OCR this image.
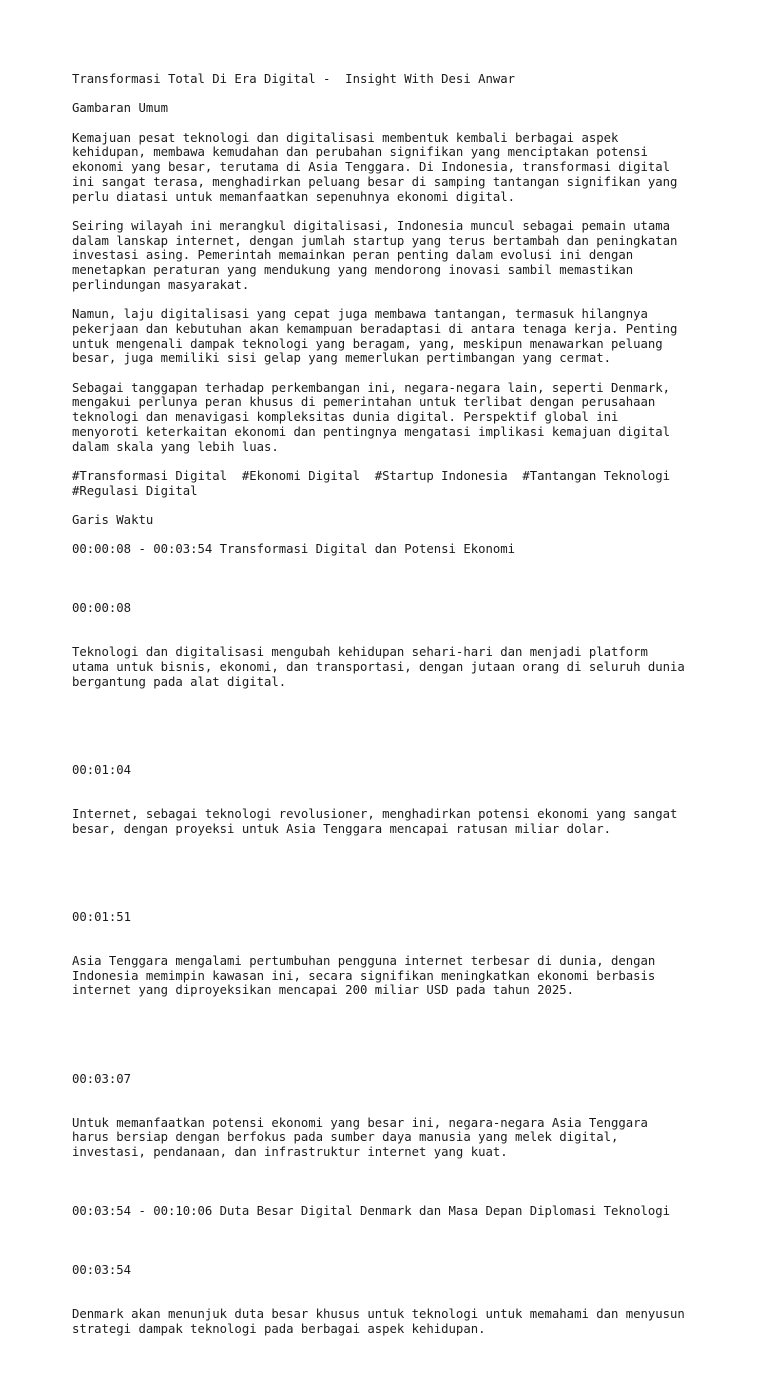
Transformasi Total Di Era Digital -  Insight With Desi Anwar
Gambaran Umum
Kemajuan pesat teknologi dan digitalisasi membentuk kembali berbagai aspek
kehidupan, membawa kemudahan dan perubahan signifikan yang menciptakan potensi
ekonomi yang besar, terutama di Asia Tenggara. Di Indonesia, transformasi digital
ini sangat terasa, menghadirkan peluang besar di samping tantangan signifikan yang
perlu diatasi untuk memanfaatkan sepenuhnya ekonomi digital.
Seiring wilayah ini merangkul digitalisasi, Indonesia muncul sebagai pemain utama
dalam lanskap internet, dengan jumlah startup yang terus bertambah dan peningkatan
investasi asing. Pemerintah memainkan peran penting dalam evolusi ini dengan
menetapkan peraturan yang mendukung yang mendorong inovasi sambil memastikan
perlindungan masyarakat.
Namun, laju digitalisasi yang cepat juga membawa tantangan, termasuk hilangnya
pekerjaan dan kebutuhan akan kemampuan beradaptasi di antara tenaga kerja. Penting
untuk mengenali dampak teknologi yang beragam, yang, meskipun menawarkan peluang
besar, juga memiliki sisi gelap yang memerlukan pertimbangan yang cermat.
Sebagai tanggapan terhadap perkembangan ini, negara-negara lain, seperti Denmark,
mengakui perlunya peran khusus di pemerintahan untuk terlibat dengan perusahaan
teknologi dan menavigasi kompleksitas dunia digital. Perspektif global ini
menyoroti keterkaitan ekonomi dan pentingnya mengatasi implikasi kemajuan digital
dalam skala yang lebih luas.
#Transformasi Digital  #Ekonomi Digital  #Startup Indonesia  #Tantangan Teknologi
#Regulasi Digital
Garis Waktu
00:00:08 - 00:03:54 Transformasi Digital dan Potensi Ekonomi

00:00:08

Teknologi dan digitalisasi mengubah kehidupan sehari-hari dan menjadi platform
utama untuk bisnis, ekonomi, dan transportasi, dengan jutaan orang di seluruh dunia
bergantung pada alat digital.

00:01:04

Internet, sebagai teknologi revolusioner, menghadirkan potensi ekonomi yang sangat
besar, dengan proyeksi untuk Asia Tenggara mencapai ratusan miliar dolar.

00:01:51

Asia Tenggara mengalami pertumbuhan pengguna internet terbesar di dunia, dengan
Indonesia memimpin kawasan ini, secara signifikan meningkatkan ekonomi berbasis
internet yang diproyeksikan mencapai 200 miliar USD pada tahun 2025.

00:03:07

Untuk memanfaatkan potensi ekonomi yang besar ini, negara-negara Asia Tenggara
harus bersiap dengan berfokus pada sumber daya manusia yang melek digital,
investasi, pendanaan, dan infrastruktur internet yang kuat.

00:03:54 - 00:10:06 Duta Besar Digital Denmark dan Masa Depan Diplomasi Teknologi

00:03:54

Denmark akan menunjuk duta besar khusus untuk teknologi untuk memahami dan menyusun
strategi dampak teknologi pada berbagai aspek kehidupan.
